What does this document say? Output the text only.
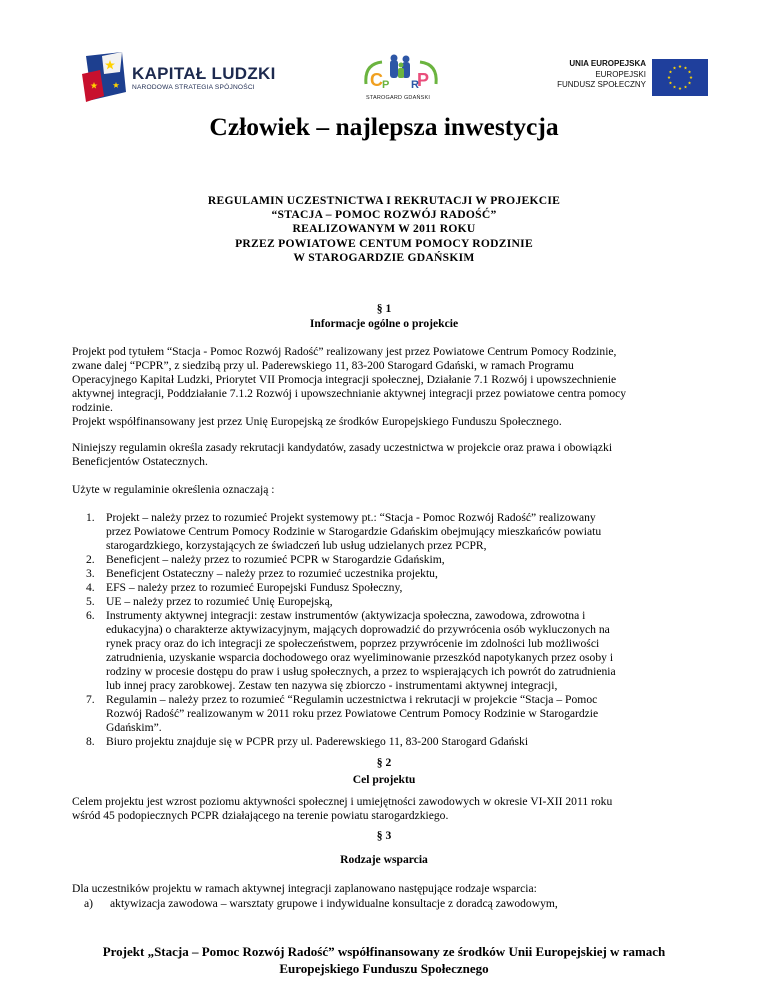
KAPITAŁ LUDZKI
NARODOWA STRATEGIA SPÓJNOŚCI	C P
P R
STAROGARD GDAŃSKI
UNIA EUROPEJSKA
EUROPEJSKI
FUNDUSZ SPOŁECZNY
Człowiek – najlepsza inwestycja
REGULAMIN UCZESTNICTWA I REKRUTACJI W PROJEKCIE
“STACJA – POMOC ROZWÓJ RADOŚĆ”
REALIZOWANYM W 2011 ROKU
PRZEZ POWIATOWE CENTUM POMOCY RODZINIE
W STAROGARDZIE GDAŃSKIM
§ 1
Informacje ogólne o projekcie
Projekt pod tytułem “Stacja - Pomoc Rozwój Radość” realizowany jest przez Powiatowe Centrum Pomocy Rodzinie,
zwane dalej “PCPR”, z siedzibą przy ul. Paderewskiego 11, 83-200 Starogard Gdański, w ramach Programu
Operacyjnego Kapitał Ludzki, Priorytet VII Promocja integracji społecznej, Działanie 7.1 Rozwój i upowszechnienie
aktywnej integracji, Poddziałanie 7.1.2 Rozwój i upowszechnianie aktywnej integracji przez powiatowe centra pomocy
rodzinie.
Projekt współfinansowany jest przez Unię Europejską ze środków Europejskiego Funduszu Społecznego.
Niniejszy regulamin określa zasady rekrutacji kandydatów, zasady uczestnictwa w projekcie oraz prawa i obowiązki
Beneficjentów Ostatecznych.
Użyte w regulaminie określenia oznaczają :
1. Projekt – należy przez to rozumieć Projekt systemowy pt.: “Stacja - Pomoc Rozwój Radość” realizowany
przez Powiatowe Centrum Pomocy Rodzinie w Starogardzie Gdańskim obejmujący mieszkańców powiatu
starogardzkiego, korzystających ze świadczeń lub usług udzielanych przez PCPR,
2. Beneficjent – należy przez to rozumieć PCPR w Starogardzie Gdańskim,
3. Beneficjent Ostateczny – należy przez to rozumieć uczestnika projektu,
4. EFS – należy przez to rozumieć Europejski Fundusz Społeczny,
5. UE – należy przez to rozumieć Unię Europejską,
6. Instrumenty aktywnej integracji: zestaw instrumentów (aktywizacja społeczna, zawodowa, zdrowotna i
edukacyjna) o charakterze aktywizacyjnym, mających doprowadzić do przywrócenia osób wykluczonych na
rynek pracy oraz do ich integracji ze społeczeństwem, poprzez przywrócenie im zdolności lub możliwości
zatrudnienia, uzyskanie wsparcia dochodowego oraz wyeliminowanie przeszkód napotykanych przez osoby i
rodziny w procesie dostępu do praw i usług społecznych, a przez to wspierających ich powrót do zatrudnienia
lub innej pracy zarobkowej. Zestaw ten nazywa się zbiorczo - instrumentami aktywnej integracji,
7. Regulamin – należy przez to rozumieć “Regulamin uczestnictwa i rekrutacji w projekcie “Stacja – Pomoc
Rozwój Radość” realizowanym w 2011 roku przez Powiatowe Centrum Pomocy Rodzinie w Starogardzie
Gdańskim”.
8. Biuro projektu znajduje się w PCPR przy ul. Paderewskiego 11, 83-200 Starogard Gdański
§ 2
Cel projektu
Celem projektu jest wzrost poziomu aktywności społecznej i umiejętności zawodowych w okresie VI-XII 2011 roku
wśród 45 podopiecznych PCPR działającego na terenie powiatu starogardzkiego.
§ 3
Rodzaje wsparcia
Dla uczestników projektu w ramach aktywnej integracji zaplanowano następujące rodzaje wsparcia:
a) aktywizacja zawodowa – warsztaty grupowe i indywidualne konsultacje z doradcą zawodowym,
Projekt „Stacja – Pomoc Rozwój Radość” współfinansowany ze środków Unii Europejskiej w ramach
Europejskiego Funduszu Społecznego
